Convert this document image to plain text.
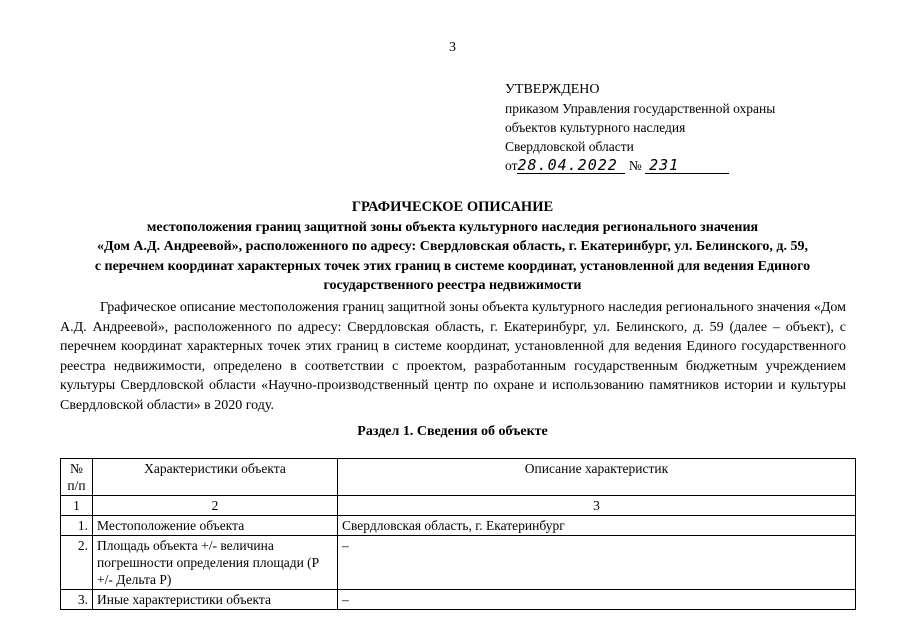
3
УТВЕРЖДЕНО
приказом Управления государственной охраны
объектов культурного наследия
Свердловской области
от28.04.2022 № 231
ГРАФИЧЕСКОЕ ОПИСАНИЕ
местоположения границ защитной зоны объекта культурного наследия регионального значения
«Дом А.Д. Андреевой», расположенного по адресу: Свердловская область, г. Екатеринбург, ул. Белинского, д. 59,
с перечнем координат характерных точек этих границ в системе координат, установленной для ведения Единого
государственного реестра недвижимости
Графическое описание местоположения границ защитной зоны объекта культурного наследия регионального значения «Дом А.Д. Андреевой», расположенного по адресу: Свердловская область, г. Екатеринбург, ул. Белинского, д. 59 (далее – объект), с перечнем координат характерных точек этих границ в системе координат, установленной для ведения Единого государственного реестра недвижимости, определено в соответствии с проектом, разработанным государственным бюджетным учреждением культуры Свердловской области «Научно-производственный центр по охране и использованию памятников истории и культуры Свердловской области» в 2020 году.
Раздел 1. Сведения об объекте
№ п/п	Характеристики объекта	Описание характеристик
1	2	3
1.	Местоположение объекта	Свердловская область, г. Екатеринбург
2.	Площадь объекта +/- величина погрешности определения площади (Р +/- Дельта Р)	–
3.	Иные характеристики объекта	–
